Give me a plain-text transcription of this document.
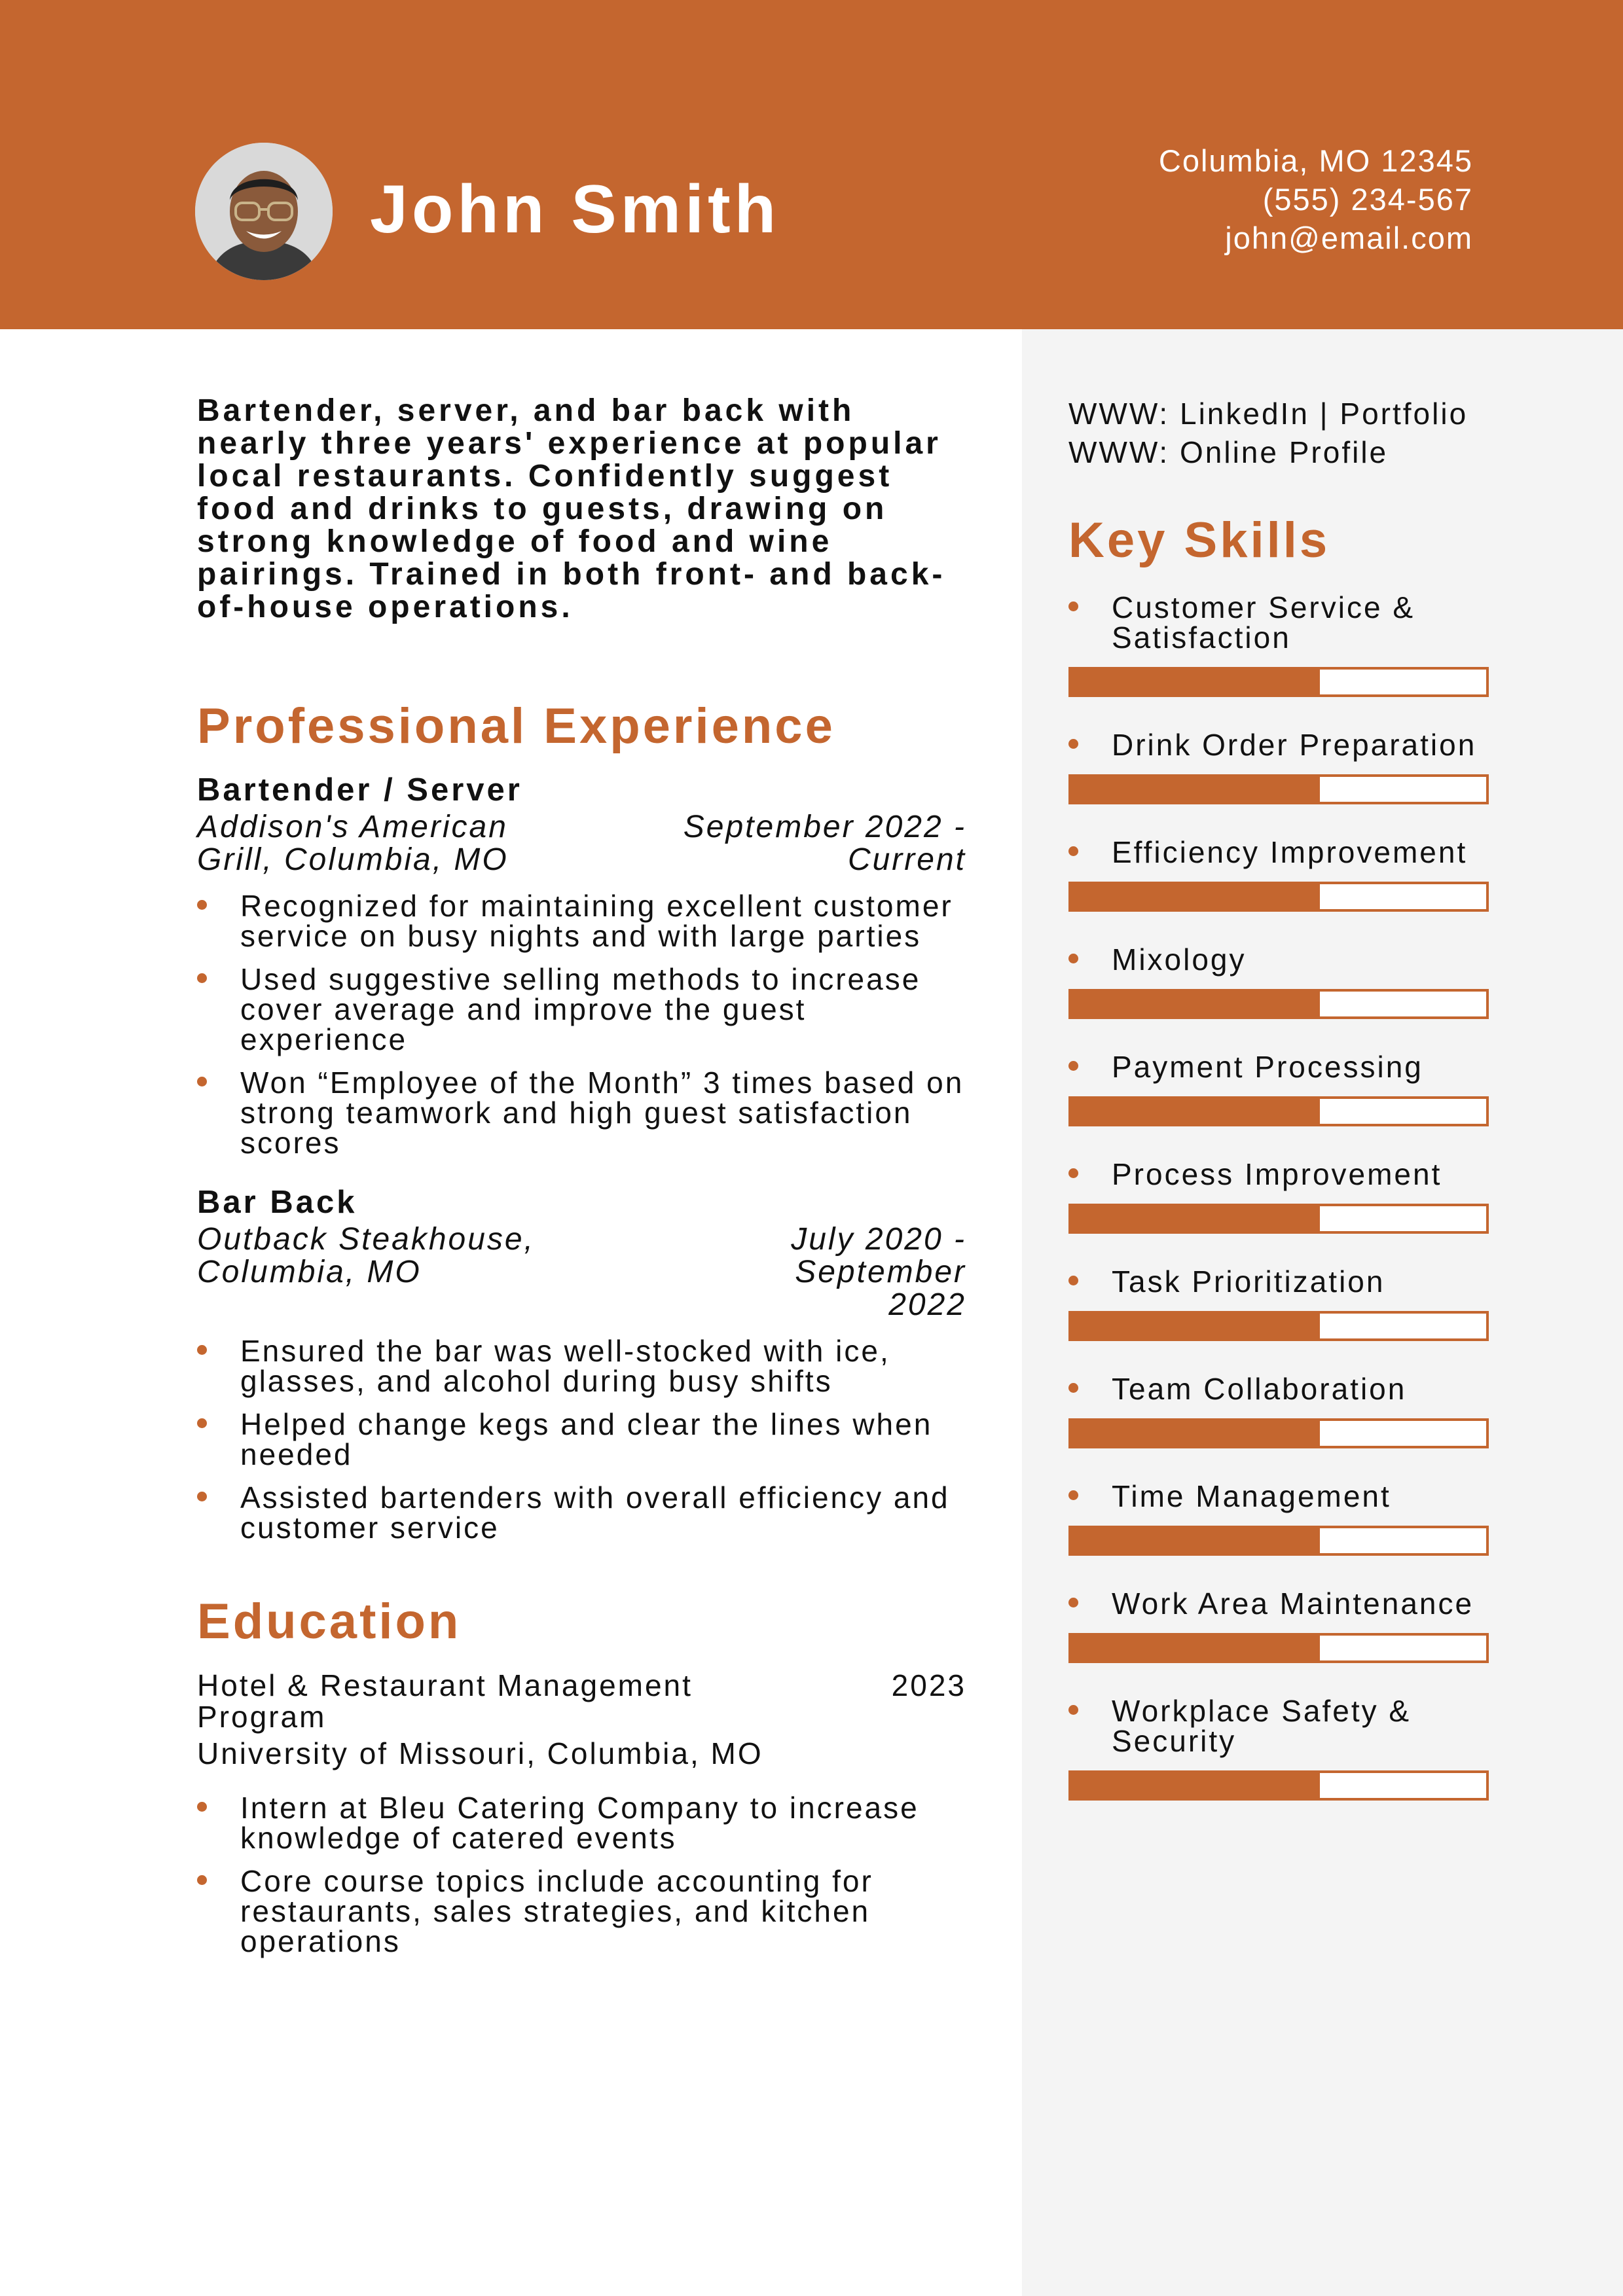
John Smith
Columbia, MO 12345
(555) 234-567
john@email.com

Bartender, server, and bar back with nearly three years' experience at popular local restaurants. Confidently suggest food and drinks to guests, drawing on strong knowledge of food and wine pairings. Trained in both front- and back-of-house operations.

Professional Experience
Bartender / Server
Addison's American Grill, Columbia, MO
September 2022 - Current
Recognized for maintaining excellent customer service on busy nights and with large parties
Used suggestive selling methods to increase cover average and improve the guest experience
Won “Employee of the Month” 3 times based on strong teamwork and high guest satisfaction scores
Bar Back
Outback Steakhouse, Columbia, MO
July 2020 - September 2022
Ensured the bar was well-stocked with ice, glasses, and alcohol during busy shifts
Helped change kegs and clear the lines when needed
Assisted bartenders with overall efficiency and customer service
Education
Hotel & Restaurant Management Program
2023
University of Missouri, Columbia, MO
Intern at Bleu Catering Company to increase knowledge of catered events
Core course topics include accounting for restaurants, sales strategies, and kitchen operations
WWW: LinkedIn | Portfolio
WWW: Online Profile
Key Skills
Customer Service & Satisfaction
Drink Order Preparation
Efficiency Improvement
Mixology
Payment Processing
Process Improvement
Task Prioritization
Team Collaboration
Time Management
Work Area Maintenance
Workplace Safety & Security
